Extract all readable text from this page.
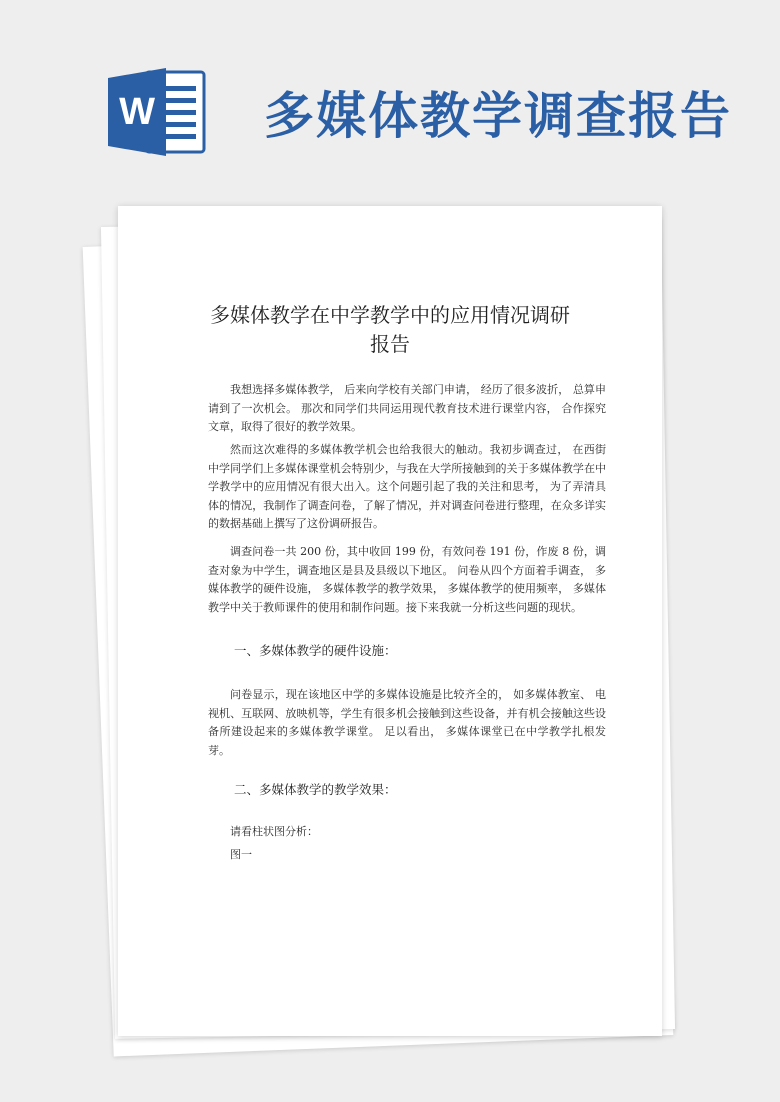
W 多媒体教学调查报告
多媒体教学在中学教学中的应用情况调研
报告

我想选择多媒体教学， 后来向学校有关部门申请， 经历了很多波折， 总算申请到了一次机会。 那次和同学们共同运用现代教育技术进行课堂内容， 合作探究文章，取得了很好的教学效果。

然而这次难得的多媒体教学机会也给我很大的触动。我初步调查过， 在西街中学同学们上多媒体课堂机会特别少，与我在大学所接触到的关于多媒体教学在中学教学中的应用情况有很大出入。这个问题引起了我的关注和思考， 为了弄清具体的情况，我制作了调查问卷，了解了情况，并对调查问卷进行整理，在众多详实的数据基础上撰写了这份调研报告。

调查问卷一共 200 份，其中收回 199 份，有效问卷 191 份，作废 8 份，调查对象为中学生，调查地区是县及县级以下地区。 问卷从四个方面着手调查， 多媒体教学的硬件设施， 多媒体教学的教学效果， 多媒体教学的使用频率， 多媒体教学中关于教师课件的使用和制作问题。接下来我就一分析这些问题的现状。

一、多媒体教学的硬件设施：

问卷显示，现在该地区中学的多媒体设施是比较齐全的， 如多媒体教室、 电视机、互联网、放映机等，学生有很多机会接触到这些设备，并有机会接触这些设备所建设起来的多媒体教学课堂。 足以看出， 多媒体课堂已在中学教学扎根发芽。

二、多媒体教学的教学效果：
请看柱状图分析：
图一
